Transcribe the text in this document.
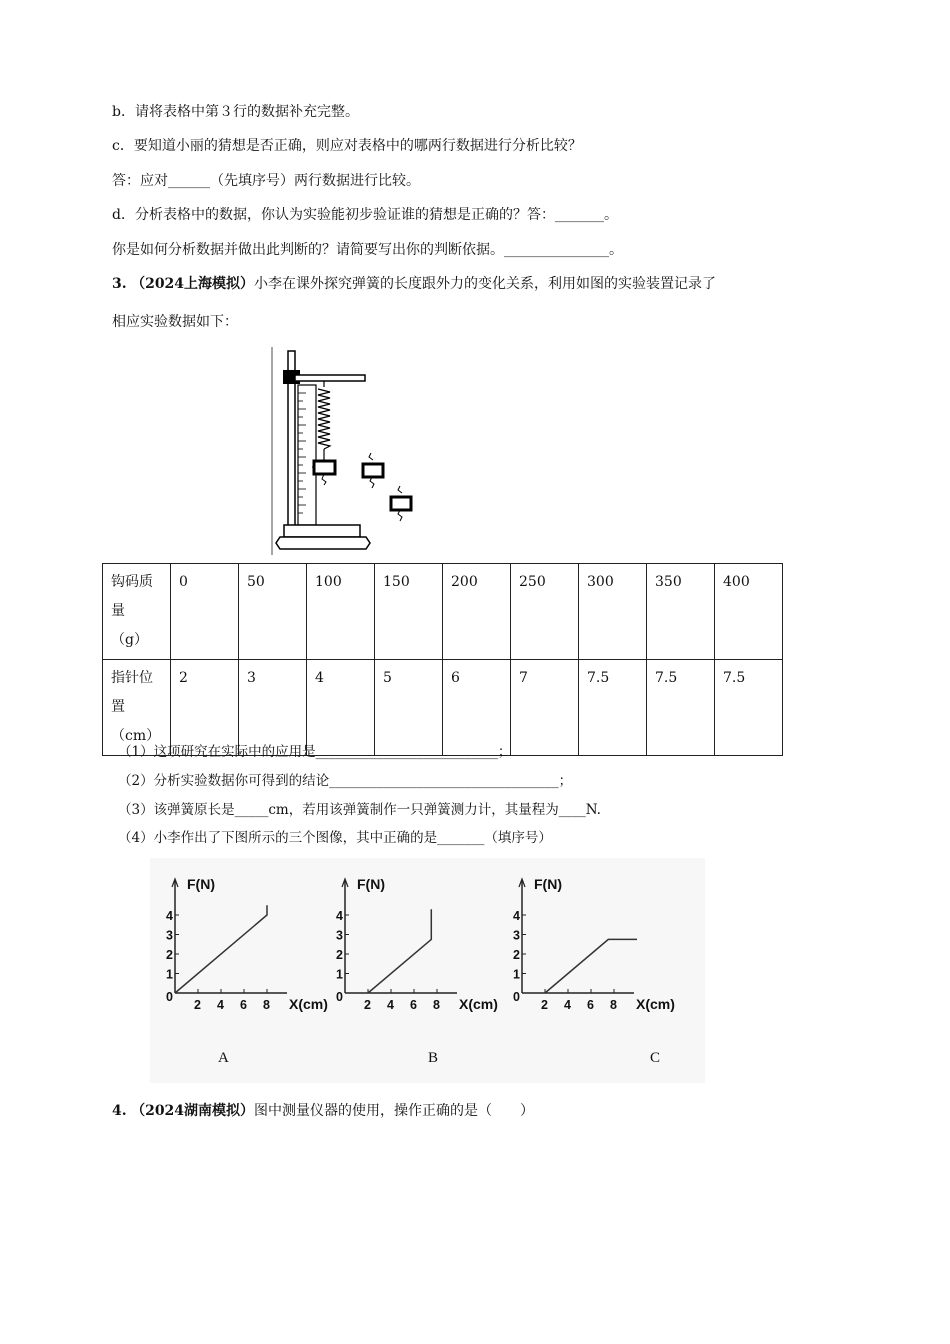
b．请将表格中第３行的数据补充完整。
c．要知道小丽的猜想是否正确，则应对表格中的哪两行数据进行分析比较？
答：应对______（先填序号）两行数据进行比较。
d．分析表格中的数据，你认为实验能初步验证谁的猜想是正确的？答：_______。
你是如何分析数据并做出此判断的？请简要写出你的判断依据。_______________。
3. （2024上海模拟）小李在课外探究弹簧的长度跟外力的变化关系，利用如图的实验装置记录了
相应实验数据如下：
钩码质
量
（g）	0	50	100	150	200	250	300	350	400

指针位
置
（cm）	2	3	4	5	6	7	7.5	7.5	7.5
（1）这项研究在实际中的应用是___________________________；
（2）分析实验数据你可得到的结论__________________________________；
（3）该弹簧原长是_____cm，若用该弹簧制作一只弹簧测力计，其量程为____N.
（4）小李作出了下图所示的三个图像，其中正确的是_______（填序号）
F(N)
X(cm)
0
1
2
3
4
2 4 6 8
F(N)
X(cm)
0
1
2
3
4
2 4 6 8
F(N)
X(cm)
0
1
2
3
4
2 4 6 8
A	B	C
4. （2024湖南模拟）图中测量仪器的使用，操作正确的是（　　）
